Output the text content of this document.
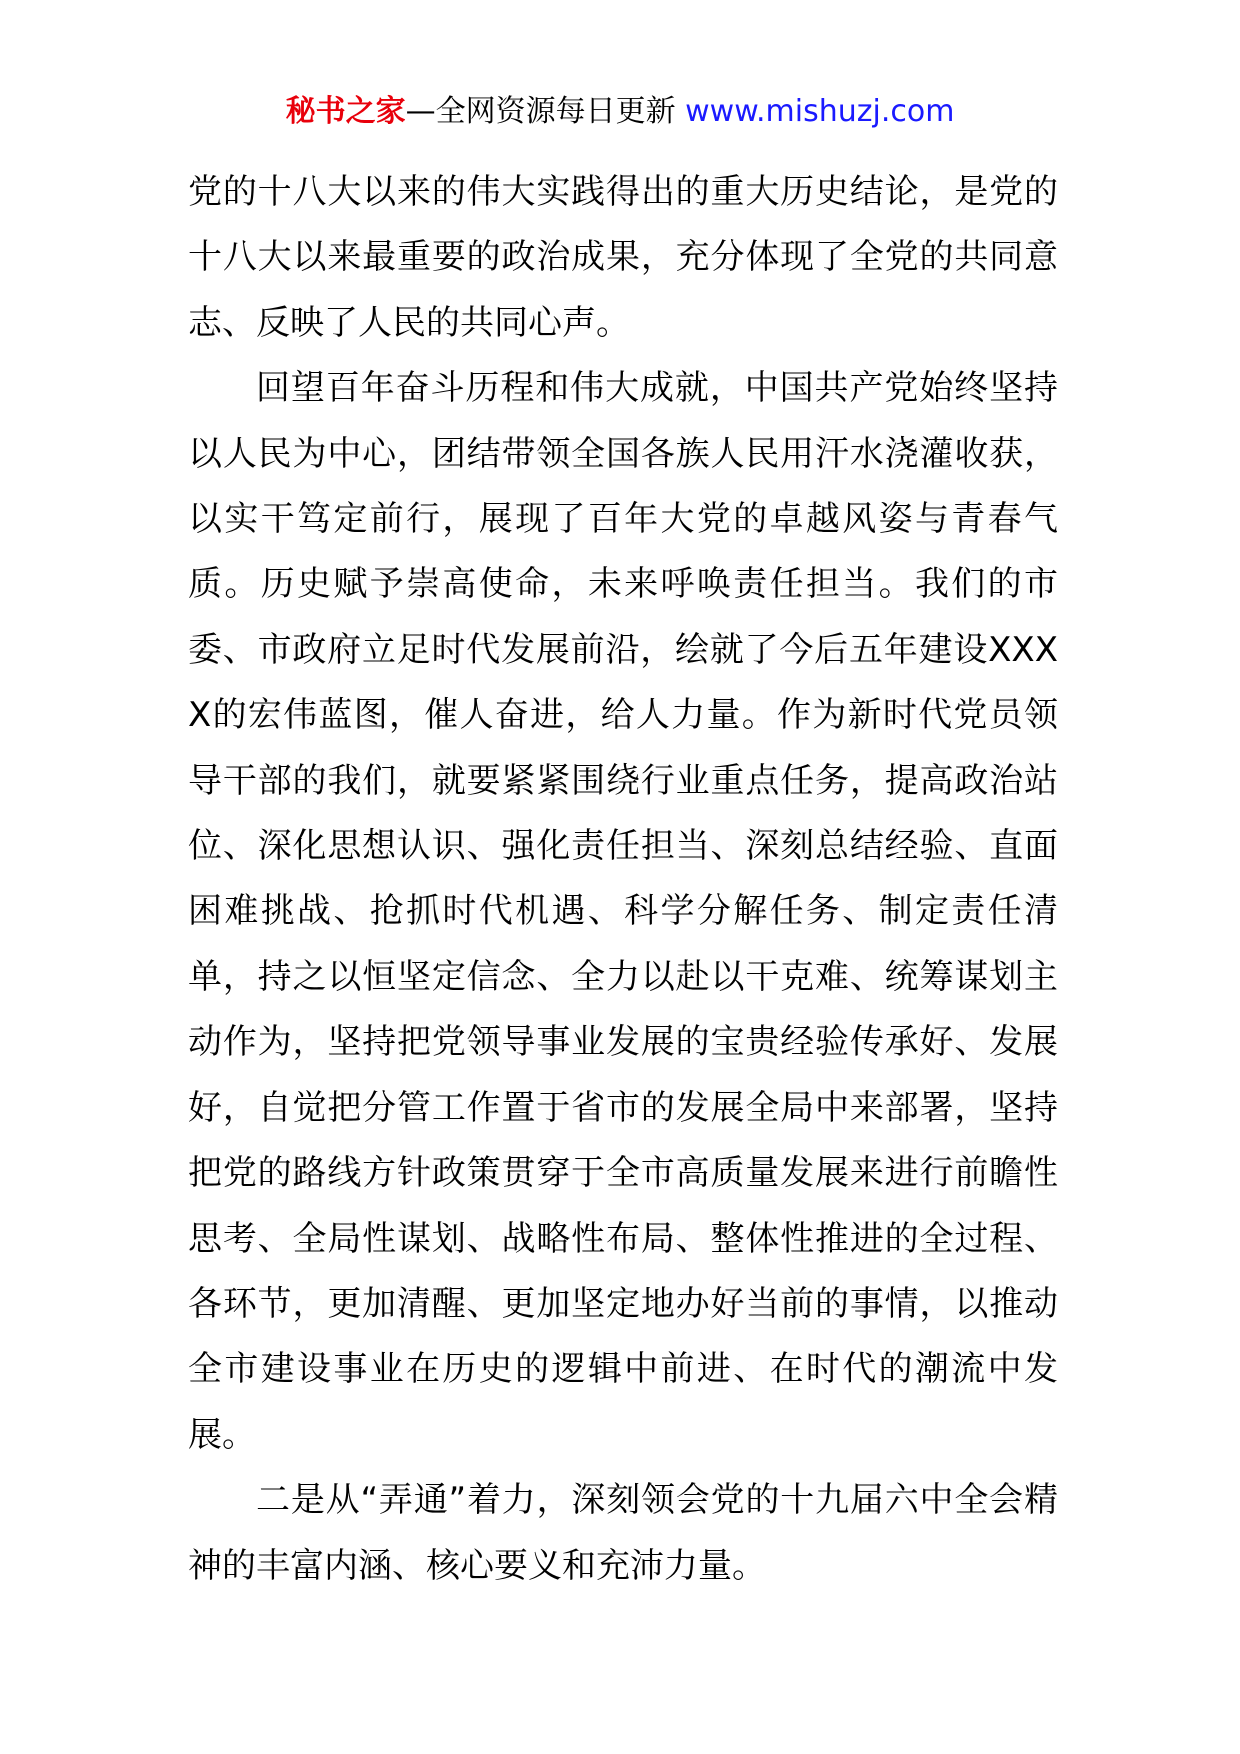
秘书之家—全网资源每日更新 www.mishuzj.com

党的十八大以来的伟大实践得出的重大历史结论，是党的十八大以来最重要的政治成果，充分体现了全党的共同意志、反映了人民的共同心声。

回望百年奋斗历程和伟大成就，中国共产党始终坚持以人民为中心，团结带领全国各族人民用汗水浇灌收获，以实干笃定前行，展现了百年大党的卓越风姿与青春气质。历史赋予崇高使命，未来呼唤责任担当。我们的市委、市政府立足时代发展前沿，绘就了今后五年建设XXXX的宏伟蓝图，催人奋进，给人力量。作为新时代党员领导干部的我们，就要紧紧围绕行业重点任务，提高政治站位、深化思想认识、强化责任担当、深刻总结经验、直面困难挑战、抢抓时代机遇、科学分解任务、制定责任清单，持之以恒坚定信念、全力以赴以干克难、统筹谋划主动作为，坚持把党领导事业发展的宝贵经验传承好、发展好，自觉把分管工作置于省市的发展全局中来部署，坚持把党的路线方针政策贯穿于全市高质量发展来进行前瞻性思考、全局性谋划、战略性布局、整体性推进的全过程、各环节，更加清醒、更加坚定地办好当前的事情，以推动全市建设事业在历史的逻辑中前进、在时代的潮流中发展。

二是从“弄通”着力，深刻领会党的十九届六中全会精神的丰富内涵、核心要义和充沛力量。
